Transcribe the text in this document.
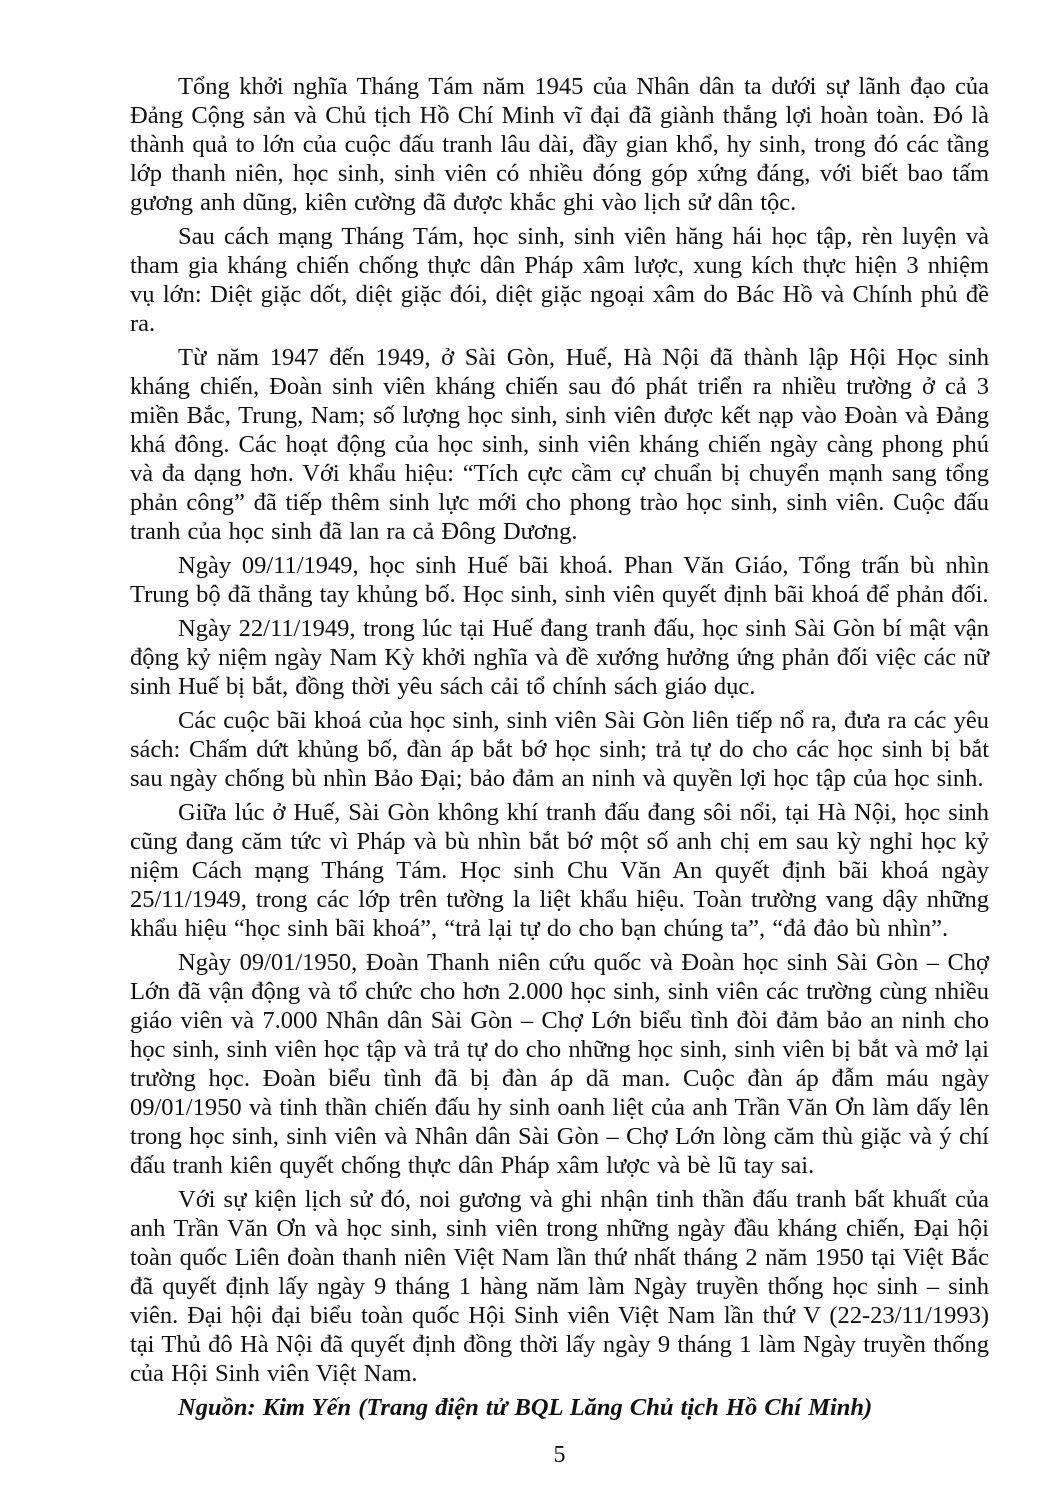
Tổng khởi nghĩa Tháng Tám năm 1945 của Nhân dân ta dưới sự lãnh đạo của Đảng Cộng sản và Chủ tịch Hồ Chí Minh vĩ đại đã giành thắng lợi hoàn toàn. Đó là thành quả to lớn của cuộc đấu tranh lâu dài, đầy gian khổ, hy sinh, trong đó các tầng lớp thanh niên, học sinh, sinh viên có nhiều đóng góp xứng đáng, với biết bao tấm gương anh dũng, kiên cường đã được khắc ghi vào lịch sử dân tộc.

Sau cách mạng Tháng Tám, học sinh, sinh viên hăng hái học tập, rèn luyện và tham gia kháng chiến chống thực dân Pháp xâm lược, xung kích thực hiện 3 nhiệm vụ lớn: Diệt giặc dốt, diệt giặc đói, diệt giặc ngoại xâm do Bác Hồ và Chính phủ đề ra.

Từ năm 1947 đến 1949, ở Sài Gòn, Huế, Hà Nội đã thành lập Hội Học sinh kháng chiến, Đoàn sinh viên kháng chiến sau đó phát triển ra nhiều trường ở cả 3 miền Bắc, Trung, Nam; số lượng học sinh, sinh viên được kết nạp vào Đoàn và Đảng khá đông. Các hoạt động của học sinh, sinh viên kháng chiến ngày càng phong phú và đa dạng hơn. Với khẩu hiệu: “Tích cực cầm cự chuẩn bị chuyển mạnh sang tổng phản công” đã tiếp thêm sinh lực mới cho phong trào học sinh, sinh viên. Cuộc đấu tranh của học sinh đã lan ra cả Đông Dương.

Ngày 09/11/1949, học sinh Huế bãi khoá. Phan Văn Giáo, Tổng trấn bù nhìn Trung bộ đã thẳng tay khủng bố. Học sinh, sinh viên quyết định bãi khoá để phản đối.

Ngày 22/11/1949, trong lúc tại Huế đang tranh đấu, học sinh Sài Gòn bí mật vận động kỷ niệm ngày Nam Kỳ khởi nghĩa và đề xướng hưởng ứng phản đối việc các nữ sinh Huế bị bắt, đồng thời yêu sách cải tổ chính sách giáo dục.

Các cuộc bãi khoá của học sinh, sinh viên Sài Gòn liên tiếp nổ ra, đưa ra các yêu sách: Chấm dứt khủng bố, đàn áp bắt bớ học sinh; trả tự do cho các học sinh bị bắt sau ngày chống bù nhìn Bảo Đại; bảo đảm an ninh và quyền lợi học tập của học sinh.

Giữa lúc ở Huế, Sài Gòn không khí tranh đấu đang sôi nổi, tại Hà Nội, học sinh cũng đang căm tức vì Pháp và bù nhìn bắt bớ một số anh chị em sau kỳ nghỉ học kỷ niệm Cách mạng Tháng Tám. Học sinh Chu Văn An quyết định bãi khoá ngày 25/11/1949, trong các lớp trên tường la liệt khẩu hiệu. Toàn trường vang dậy những khẩu hiệu “học sinh bãi khoá”, “trả lại tự do cho bạn chúng ta”, “đả đảo bù nhìn”.

Ngày 09/01/1950, Đoàn Thanh niên cứu quốc và Đoàn học sinh Sài Gòn – Chợ Lớn đã vận động và tổ chức cho hơn 2.000 học sinh, sinh viên các trường cùng nhiều giáo viên và 7.000 Nhân dân Sài Gòn – Chợ Lớn biểu tình đòi đảm bảo an ninh cho học sinh, sinh viên học tập và trả tự do cho những học sinh, sinh viên bị bắt và mở lại trường học. Đoàn biểu tình đã bị đàn áp dã man. Cuộc đàn áp đẫm máu ngày 09/01/1950 và tinh thần chiến đấu hy sinh oanh liệt của anh Trần Văn Ơn làm dấy lên trong học sinh, sinh viên và Nhân dân Sài Gòn – Chợ Lớn lòng căm thù giặc và ý chí đấu tranh kiên quyết chống thực dân Pháp xâm lược và bè lũ tay sai.

Với sự kiện lịch sử đó, noi gương và ghi nhận tinh thần đấu tranh bất khuất của anh Trần Văn Ơn và học sinh, sinh viên trong những ngày đầu kháng chiến, Đại hội toàn quốc Liên đoàn thanh niên Việt Nam lần thứ nhất tháng 2 năm 1950 tại Việt Bắc đã quyết định lấy ngày 9 tháng 1 hàng năm làm Ngày truyền thống học sinh – sinh viên. Đại hội đại biểu toàn quốc Hội Sinh viên Việt Nam lần thứ V (22-23/11/1993) tại Thủ đô Hà Nội đã quyết định đồng thời lấy ngày 9 tháng 1 làm Ngày truyền thống của Hội Sinh viên Việt Nam.

Nguồn: Kim Yến (Trang điện tử BQL Lăng Chủ tịch Hồ Chí Minh)

5
